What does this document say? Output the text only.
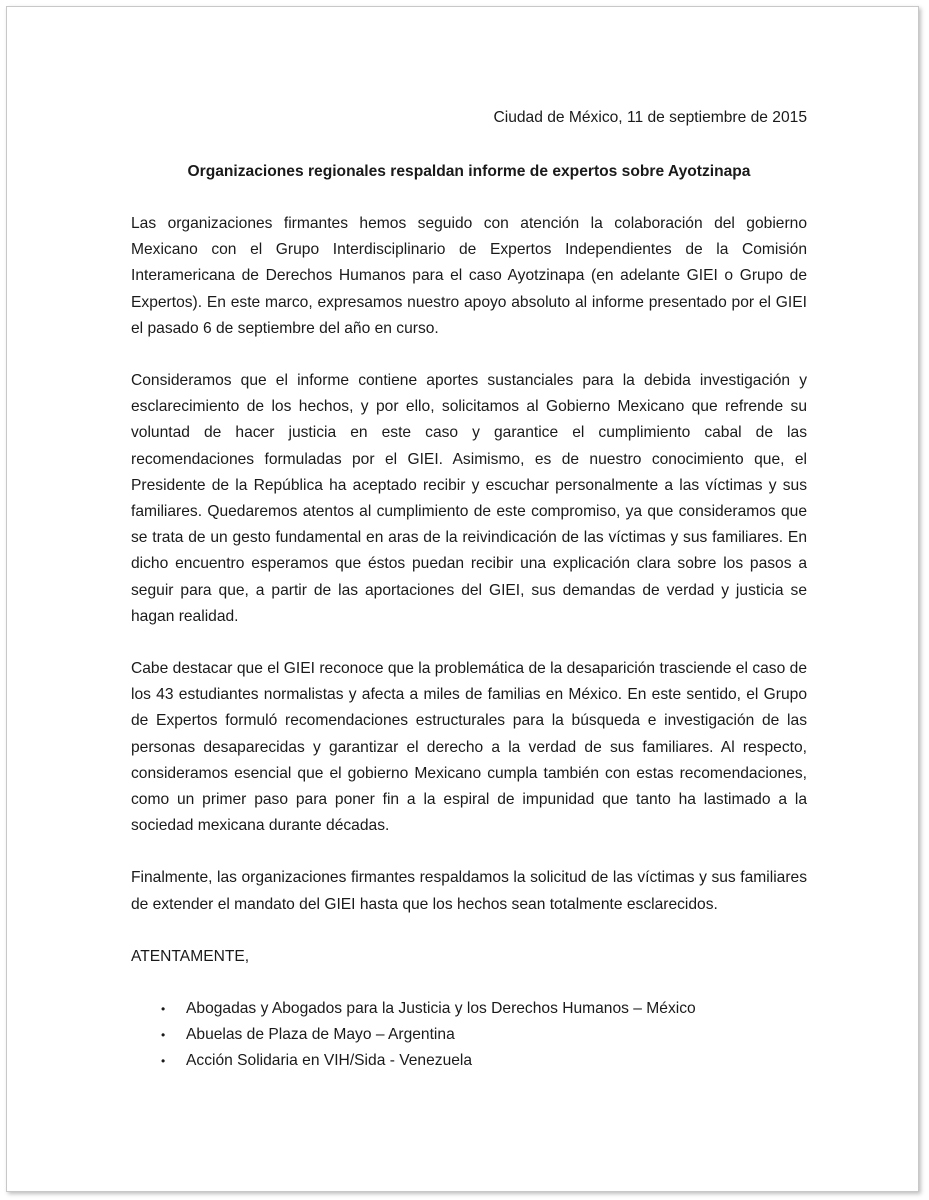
Ciudad de México, 11 de septiembre de 2015

Organizaciones regionales respaldan informe de expertos sobre Ayotzinapa

Las organizaciones firmantes hemos seguido con atención la colaboración del gobierno Mexicano con el Grupo Interdisciplinario de Expertos Independientes de la Comisión Interamericana de Derechos Humanos para el caso Ayotzinapa (en adelante GIEI o Grupo de Expertos). En este marco, expresamos nuestro apoyo absoluto al informe presentado por el GIEI el pasado 6 de septiembre del año en curso.

Consideramos que el informe contiene aportes sustanciales para la debida investigación y esclarecimiento de los hechos, y por ello, solicitamos al Gobierno Mexicano que refrende su voluntad de hacer justicia en este caso y garantice el cumplimiento cabal de las recomendaciones formuladas por el GIEI. Asimismo, es de nuestro conocimiento que, el Presidente de la República ha aceptado recibir y escuchar personalmente a las víctimas y sus familiares. Quedaremos atentos al cumplimiento de este compromiso, ya que consideramos que se trata de un gesto fundamental en aras de la reivindicación de las víctimas y sus familiares. En dicho encuentro esperamos que éstos puedan recibir una explicación clara sobre los pasos a seguir para que, a partir de las aportaciones del GIEI, sus demandas de verdad y justicia se hagan realidad.

Cabe destacar que el GIEI reconoce que la problemática de la desaparición trasciende el caso de los 43 estudiantes normalistas y afecta a miles de familias en México. En este sentido, el Grupo de Expertos formuló recomendaciones estructurales para la búsqueda e investigación de las personas desaparecidas y garantizar el derecho a la verdad de sus familiares. Al respecto, consideramos esencial que el gobierno Mexicano cumpla también con estas recomendaciones, como un primer paso para poner fin a la espiral de impunidad que tanto ha lastimado a la sociedad mexicana durante décadas.

Finalmente, las organizaciones firmantes respaldamos la solicitud de las víctimas y sus familiares de extender el mandato del GIEI hasta que los hechos sean totalmente esclarecidos.

ATENTAMENTE,

• Abogadas y Abogados para la Justicia y los Derechos Humanos – México
• Abuelas de Plaza de Mayo – Argentina
• Acción Solidaria en VIH/Sida - Venezuela
